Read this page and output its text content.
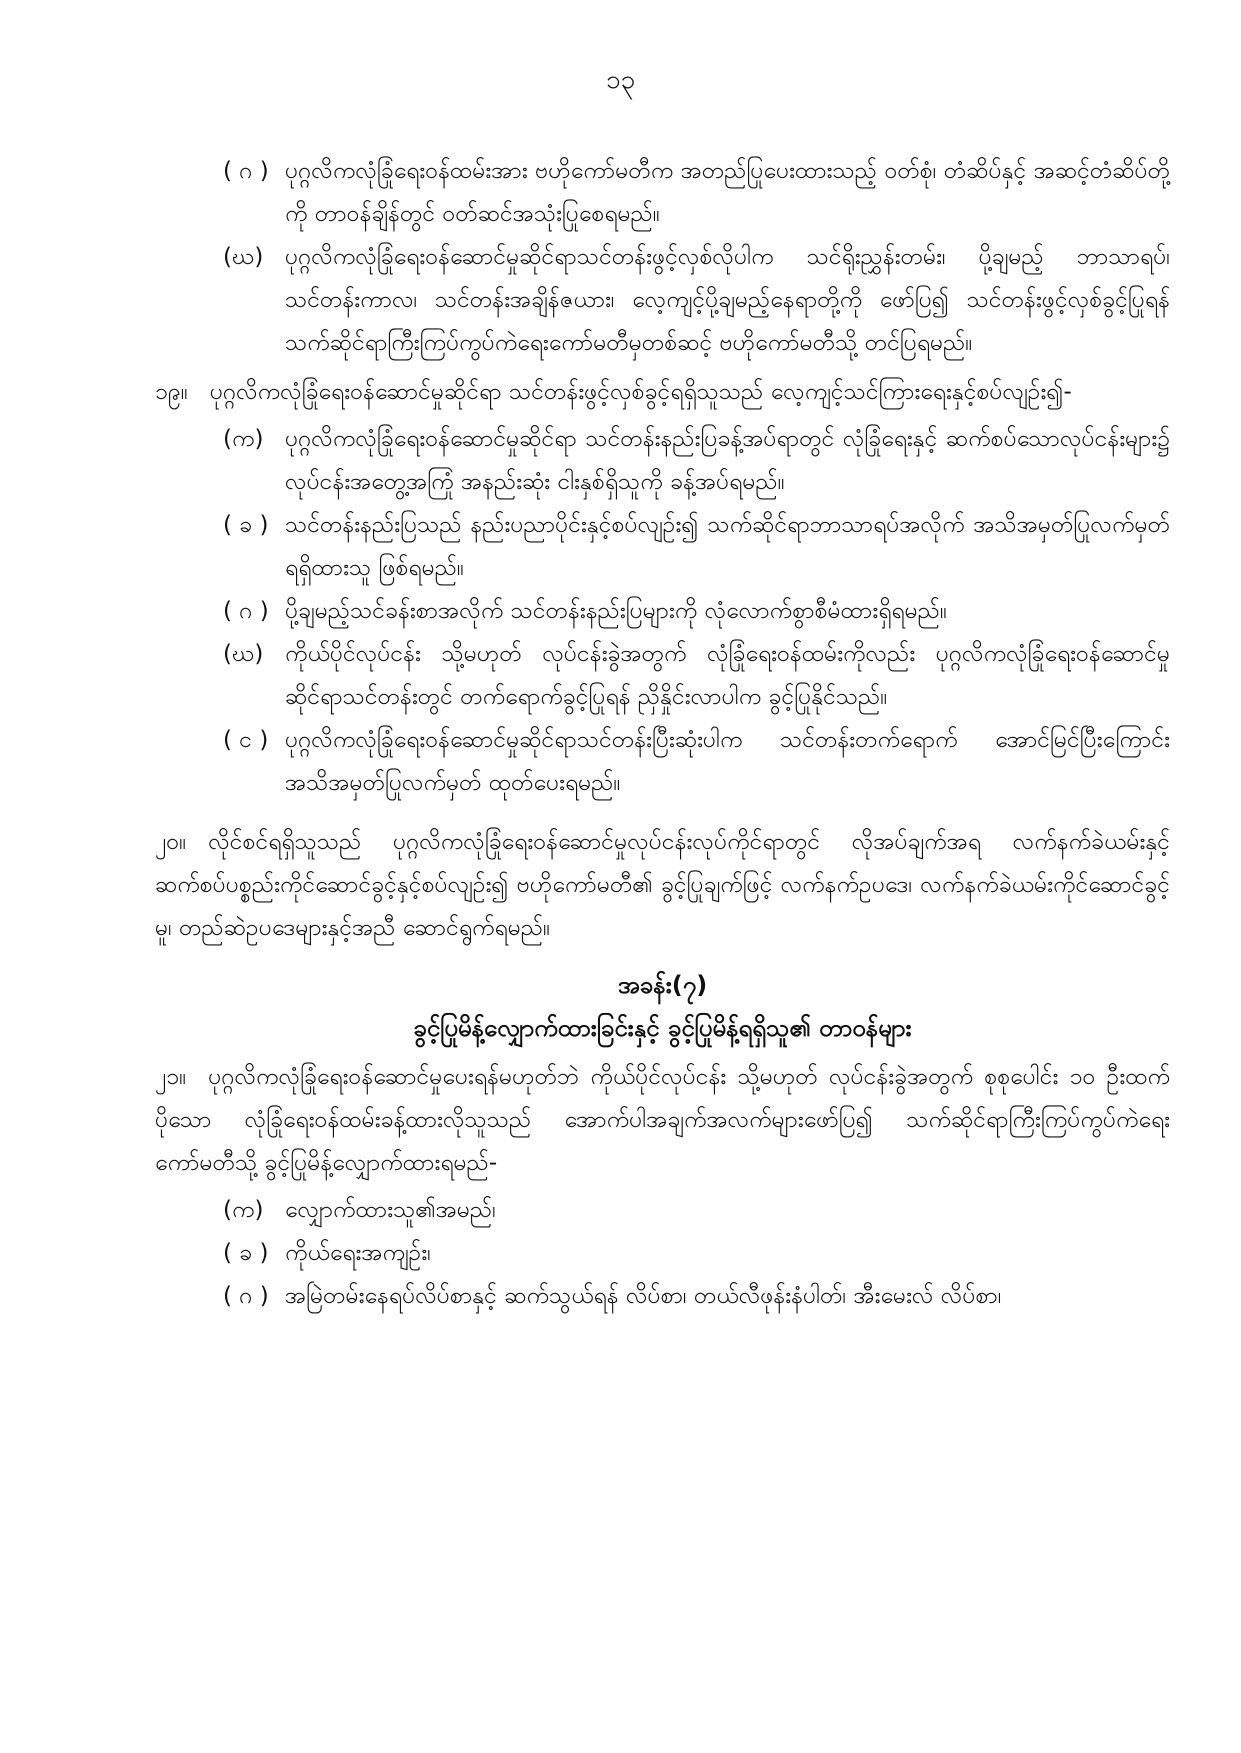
၁၃
( ဂ ) ပုဂ္ဂလိကလုံခြုံရေးဝန်ထမ်းအား ဗဟိုကော်မတီက အတည်ပြုပေးထားသည့် ဝတ်စုံ၊ တံဆိပ်နှင့် အဆင့်တံဆိပ်တို့ကို တာဝန်ချိန်တွင် ဝတ်ဆင်အသုံးပြုစေရမည်။
(ဃ) ပုဂ္ဂလိကလုံခြုံရေးဝန်ဆောင်မှုဆိုင်ရာသင်တန်းဖွင့်လှစ်လိုပါက သင်ရိုးညွှန်းတမ်း၊ ပို့ချမည့် ဘာသာရပ်၊ သင်တန်းကာလ၊ သင်တန်းအချိန်ဇယား၊ လေ့ကျင့်ပို့ချမည့်နေရာတို့ကို ဖော်ပြ၍ သင်တန်းဖွင့်လှစ်ခွင့်ပြုရန် သက်ဆိုင်ရာကြီးကြပ်ကွပ်ကဲရေးကော်မတီမှတစ်ဆင့် ဗဟိုကော်မတီသို့ တင်ပြရမည်။
၁၉။ ပုဂ္ဂလိကလုံခြုံရေးဝန်ဆောင်မှုဆိုင်ရာ သင်တန်းဖွင့်လှစ်ခွင့်ရရှိသူသည် လေ့ကျင့်သင်ကြားရေးနှင့်စပ်လျဉ်း၍-
(က) ပုဂ္ဂလိကလုံခြုံရေးဝန်ဆောင်မှုဆိုင်ရာ သင်တန်းနည်းပြခန့်အပ်ရာတွင် လုံခြုံရေးနှင့် ဆက်စပ်သောလုပ်ငန်းများ၌ လုပ်ငန်းအတွေ့အကြုံ အနည်းဆုံး ငါးနှစ်ရှိသူကို ခန့်အပ်ရမည်။
( ခ ) သင်တန်းနည်းပြသည် နည်းပညာပိုင်းနှင့်စပ်လျဉ်း၍ သက်ဆိုင်ရာဘာသာရပ်အလိုက် အသိအမှတ်ပြုလက်မှတ်ရရှိထားသူ ဖြစ်ရမည်။
( ဂ ) ပို့ချမည့်သင်ခန်းစာအလိုက် သင်တန်းနည်းပြများကို လုံလောက်စွာစီမံထားရှိရမည်။
(ဃ) ကိုယ်ပိုင်လုပ်ငန်း သို့မဟုတ် လုပ်ငန်းခွဲအတွက် လုံခြုံရေးဝန်ထမ်းကိုလည်း ပုဂ္ဂလိကလုံခြုံရေးဝန်ဆောင်မှုဆိုင်ရာသင်တန်းတွင် တက်ရောက်ခွင့်ပြုရန် ညှိနှိုင်းလာပါက ခွင့်ပြုနိုင်သည်။
( င ) ပုဂ္ဂလိကလုံခြုံရေးဝန်ဆောင်မှုဆိုင်ရာသင်တန်းပြီးဆုံးပါက သင်တန်းတက်ရောက် အောင်မြင်ပြီးကြောင်း အသိအမှတ်ပြုလက်မှတ် ထုတ်ပေးရမည်။
၂၀။ လိုင်စင်ရရှိသူသည် ပုဂ္ဂလိကလုံခြုံရေးဝန်ဆောင်မှုလုပ်ငန်းလုပ်ကိုင်ရာတွင် လိုအပ်ချက်အရ လက်နက်ခဲယမ်းနှင့် ဆက်စပ်ပစ္စည်းကိုင်ဆောင်ခွင့်နှင့်စပ်လျဉ်း၍ ဗဟိုကော်မတီ၏ ခွင့်ပြုချက်ဖြင့် လက်နက်ဥပဒေ၊ လက်နက်ခဲယမ်းကိုင်ဆောင်ခွင့်မူ၊ တည်ဆဲဥပဒေများနှင့်အညီ ဆောင်ရွက်ရမည်။
အခန်း(၇)
ခွင့်ပြုမိန့်လျှောက်ထားခြင်းနှင့် ခွင့်ပြုမိန့်ရရှိသူ၏ တာဝန်များ
၂၁။ ပုဂ္ဂလိကလုံခြုံရေးဝန်ဆောင်မှုပေးရန်မဟုတ်ဘဲ ကိုယ်ပိုင်လုပ်ငန်း သို့မဟုတ် လုပ်ငန်းခွဲအတွက် စုစုပေါင်း ၁၀ ဦးထက်ပိုသော လုံခြုံရေးဝန်ထမ်းခန့်ထားလိုသူသည် အောက်ပါအချက်အလက်များဖော်ပြ၍ သက်ဆိုင်ရာကြီးကြပ်ကွပ်ကဲရေးကော်မတီသို့ ခွင့်ပြုမိန့်လျှောက်ထားရမည်-
(က) လျှောက်ထားသူ၏အမည်၊
( ခ ) ကိုယ်ရေးအကျဉ်း၊
( ဂ ) အမြဲတမ်းနေရပ်လိပ်စာနှင့် ဆက်သွယ်ရန် လိပ်စာ၊ တယ်လီဖုန်းနံပါတ်၊ အီးမေးလ် လိပ်စာ၊
